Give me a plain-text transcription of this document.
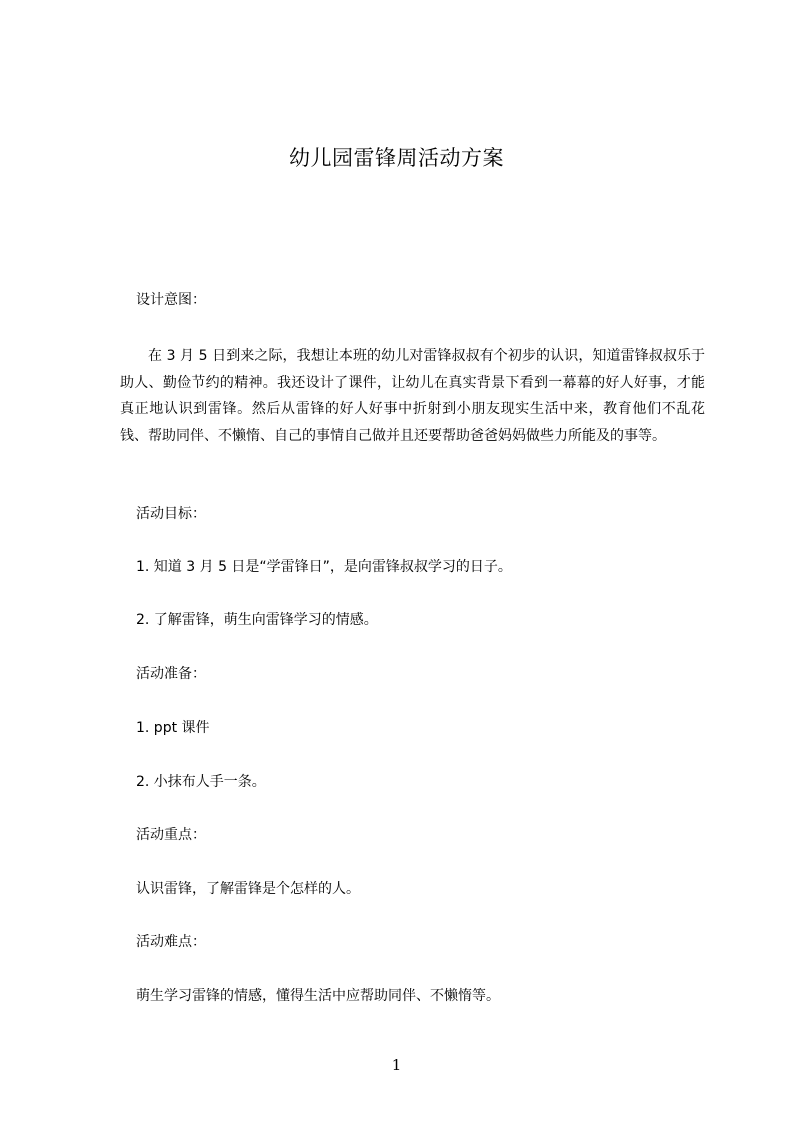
幼儿园雷锋周活动方案
设计意图：
在 3 月 5 日到来之际，我想让本班的幼儿对雷锋叔叔有个初步的认识，知道雷锋叔叔乐于助人、勤俭节约的精神。我还设计了课件，让幼儿在真实背景下看到一幕幕的好人好事，才能真正地认识到雷锋。然后从雷锋的好人好事中折射到小朋友现实生活中来，教育他们不乱花钱、帮助同伴、不懒惰、自己的事情自己做并且还要帮助爸爸妈妈做些力所能及的事等。
活动目标：
1. 知道 3 月 5 日是“学雷锋日”，是向雷锋叔叔学习的日子。
2. 了解雷锋，萌生向雷锋学习的情感。
活动准备：
1. ppt 课件
2. 小抹布人手一条。
活动重点：
认识雷锋，了解雷锋是个怎样的人。
活动难点：
萌生学习雷锋的情感，懂得生活中应帮助同伴、不懒惰等。
1
